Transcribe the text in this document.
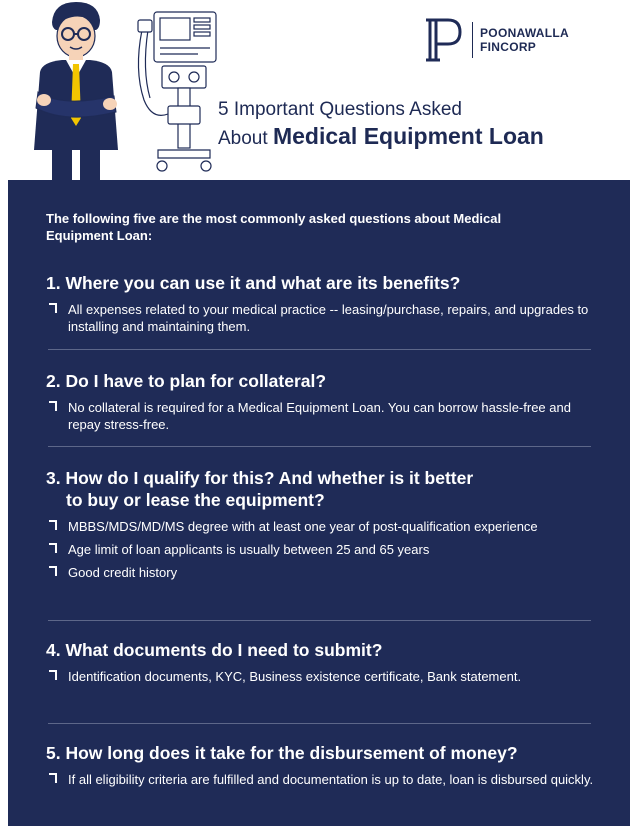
POONAWALLA
FINCORP
5 Important Questions Asked
About Medical Equipment Loan
The following five are the most commonly asked questions about Medical Equipment Loan:
1. Where you can use it and what are its benefits?
All expenses related to your medical practice -- leasing/purchase, repairs, and upgrades to installing and maintaining them.
2. Do I have to plan for collateral?
No collateral is required for a Medical Equipment Loan. You can borrow hassle-free and repay stress-free.
3. How do I qualify for this? And whether is it better
to buy or lease the equipment?
MBBS/MDS/MD/MS degree with at least one year of post-qualification experience
Age limit of loan applicants is usually between 25 and 65 years
Good credit history
4. What documents do I need to submit?
Identification documents, KYC, Business existence certificate, Bank statement.
5. How long does it take for the disbursement of money?
If all eligibility criteria are fulfilled and documentation is up to date, loan is disbursed quickly.
